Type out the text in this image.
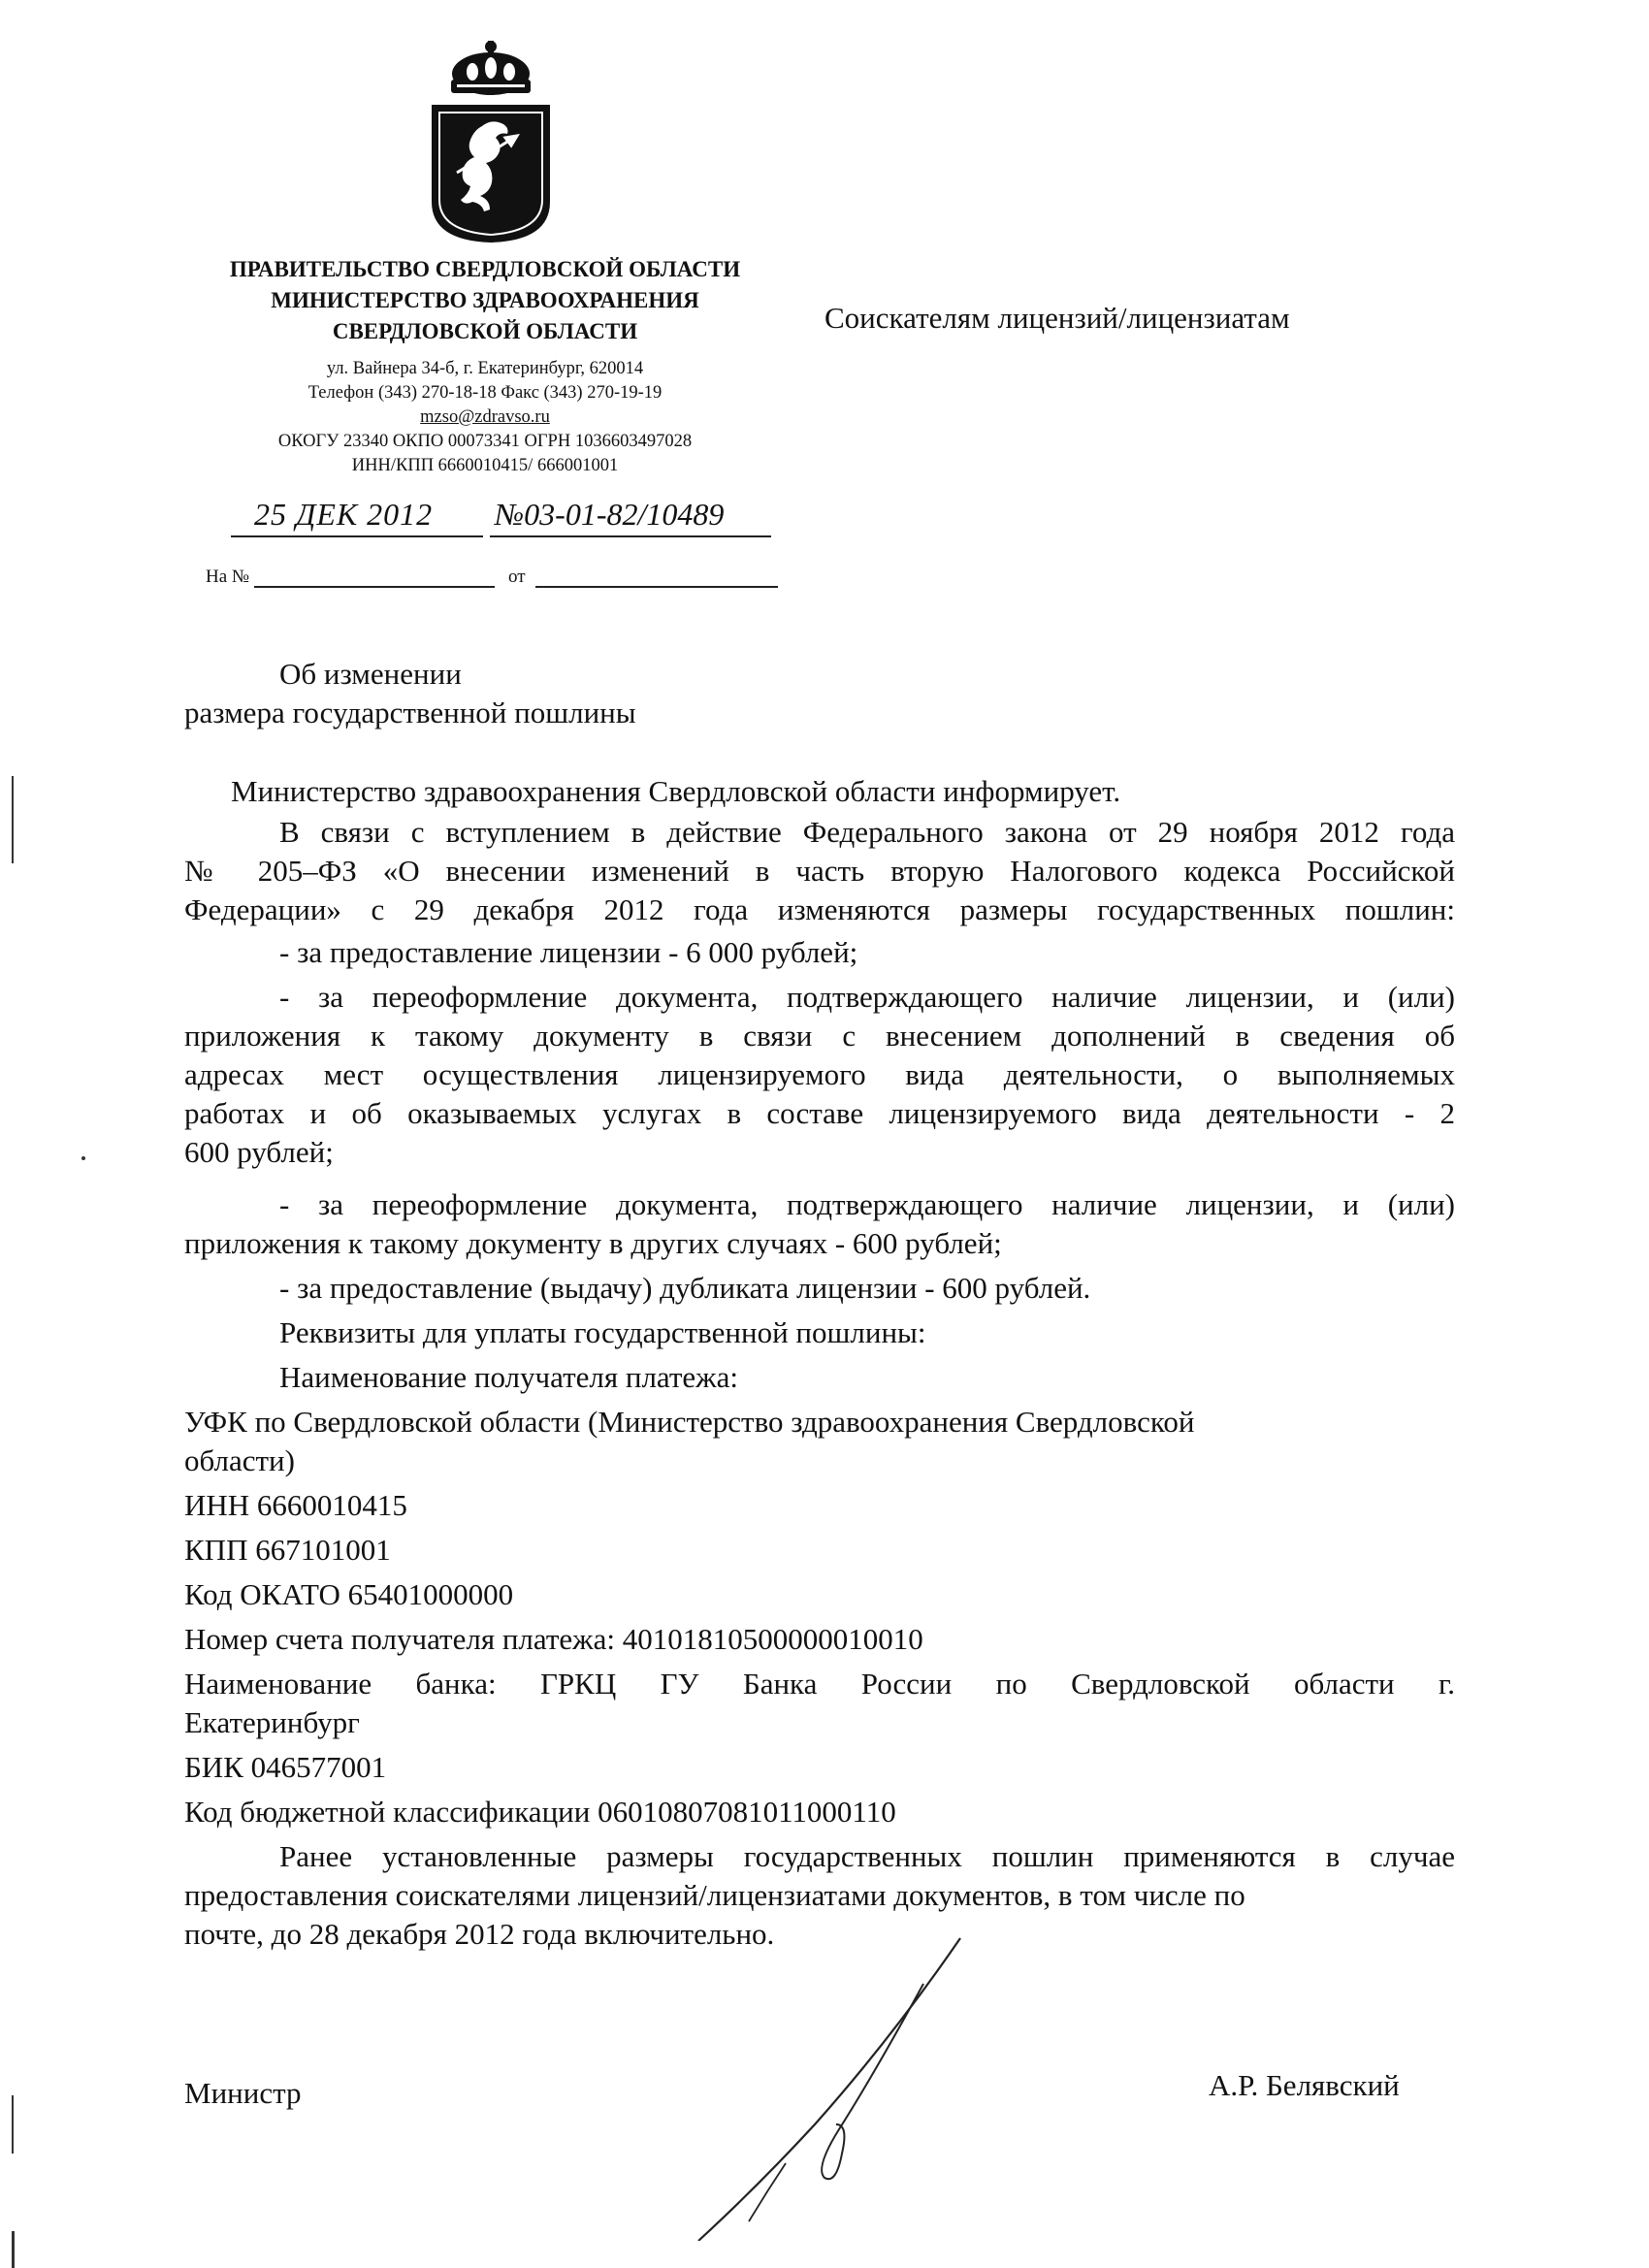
ПРАВИТЕЛЬСТВО СВЕРДЛОВСКОЙ ОБЛАСТИ
МИНИСТЕРСТВО ЗДРАВООХРАНЕНИЯ
СВЕРДЛОВСКОЙ ОБЛАСТИ
ул. Вайнера 34-б, г. Екатеринбург, 620014
Телефон (343) 270-18-18 Факс (343) 270-19-19
mzso@zdravso.ru
ОКОГУ 23340 ОКПО 00073341 ОГРН 1036603497028
ИНН/КПП 6660010415/ 666001001
Соискателям лицензий/лицензиатам
25 ДЕК 2012 №03-01-82/10489
На №	от
Об изменении
размера государственной пошлины
Министерство здравоохранения Свердловской области информирует.
В связи с вступлением в действие Федерального закона от 29 ноября 2012 года
№ 205–ФЗ «О внесении изменений в часть вторую Налогового кодекса Российской
Федерации» с 29 декабря 2012 года изменяются размеры государственных пошлин:
- за предоставление лицензии - 6 000 рублей;
- за переоформление документа, подтверждающего наличие лицензии, и (или)
приложения к такому документу в связи с внесением дополнений в сведения об
адресах мест осуществления лицензируемого вида деятельности, о выполняемых
работах и об оказываемых услугах в составе лицензируемого вида деятельности - 2
600 рублей;
- за переоформление документа, подтверждающего наличие лицензии, и (или)
приложения к такому документу в других случаях - 600 рублей;
- за предоставление (выдачу) дубликата лицензии - 600 рублей.
Реквизиты для уплаты государственной пошлины:
Наименование получателя платежа:
УФК по Свердловской области (Министерство здравоохранения Свердловской
области)
ИНН 6660010415
КПП 667101001
Код ОКАТО 65401000000
Номер счета получателя платежа: 40101810500000010010
Наименование банка: ГРКЦ ГУ Банка России по Свердловской области г.
Екатеринбург
БИК 046577001
Код бюджетной классификации 06010807081011000110
Ранее установленные размеры государственных пошлин применяются в случае
предоставления соискателями лицензий/лицензиатами документов, в том числе по
почте, до 28 декабря 2012 года включительно.
Министр	А.Р. Белявский
